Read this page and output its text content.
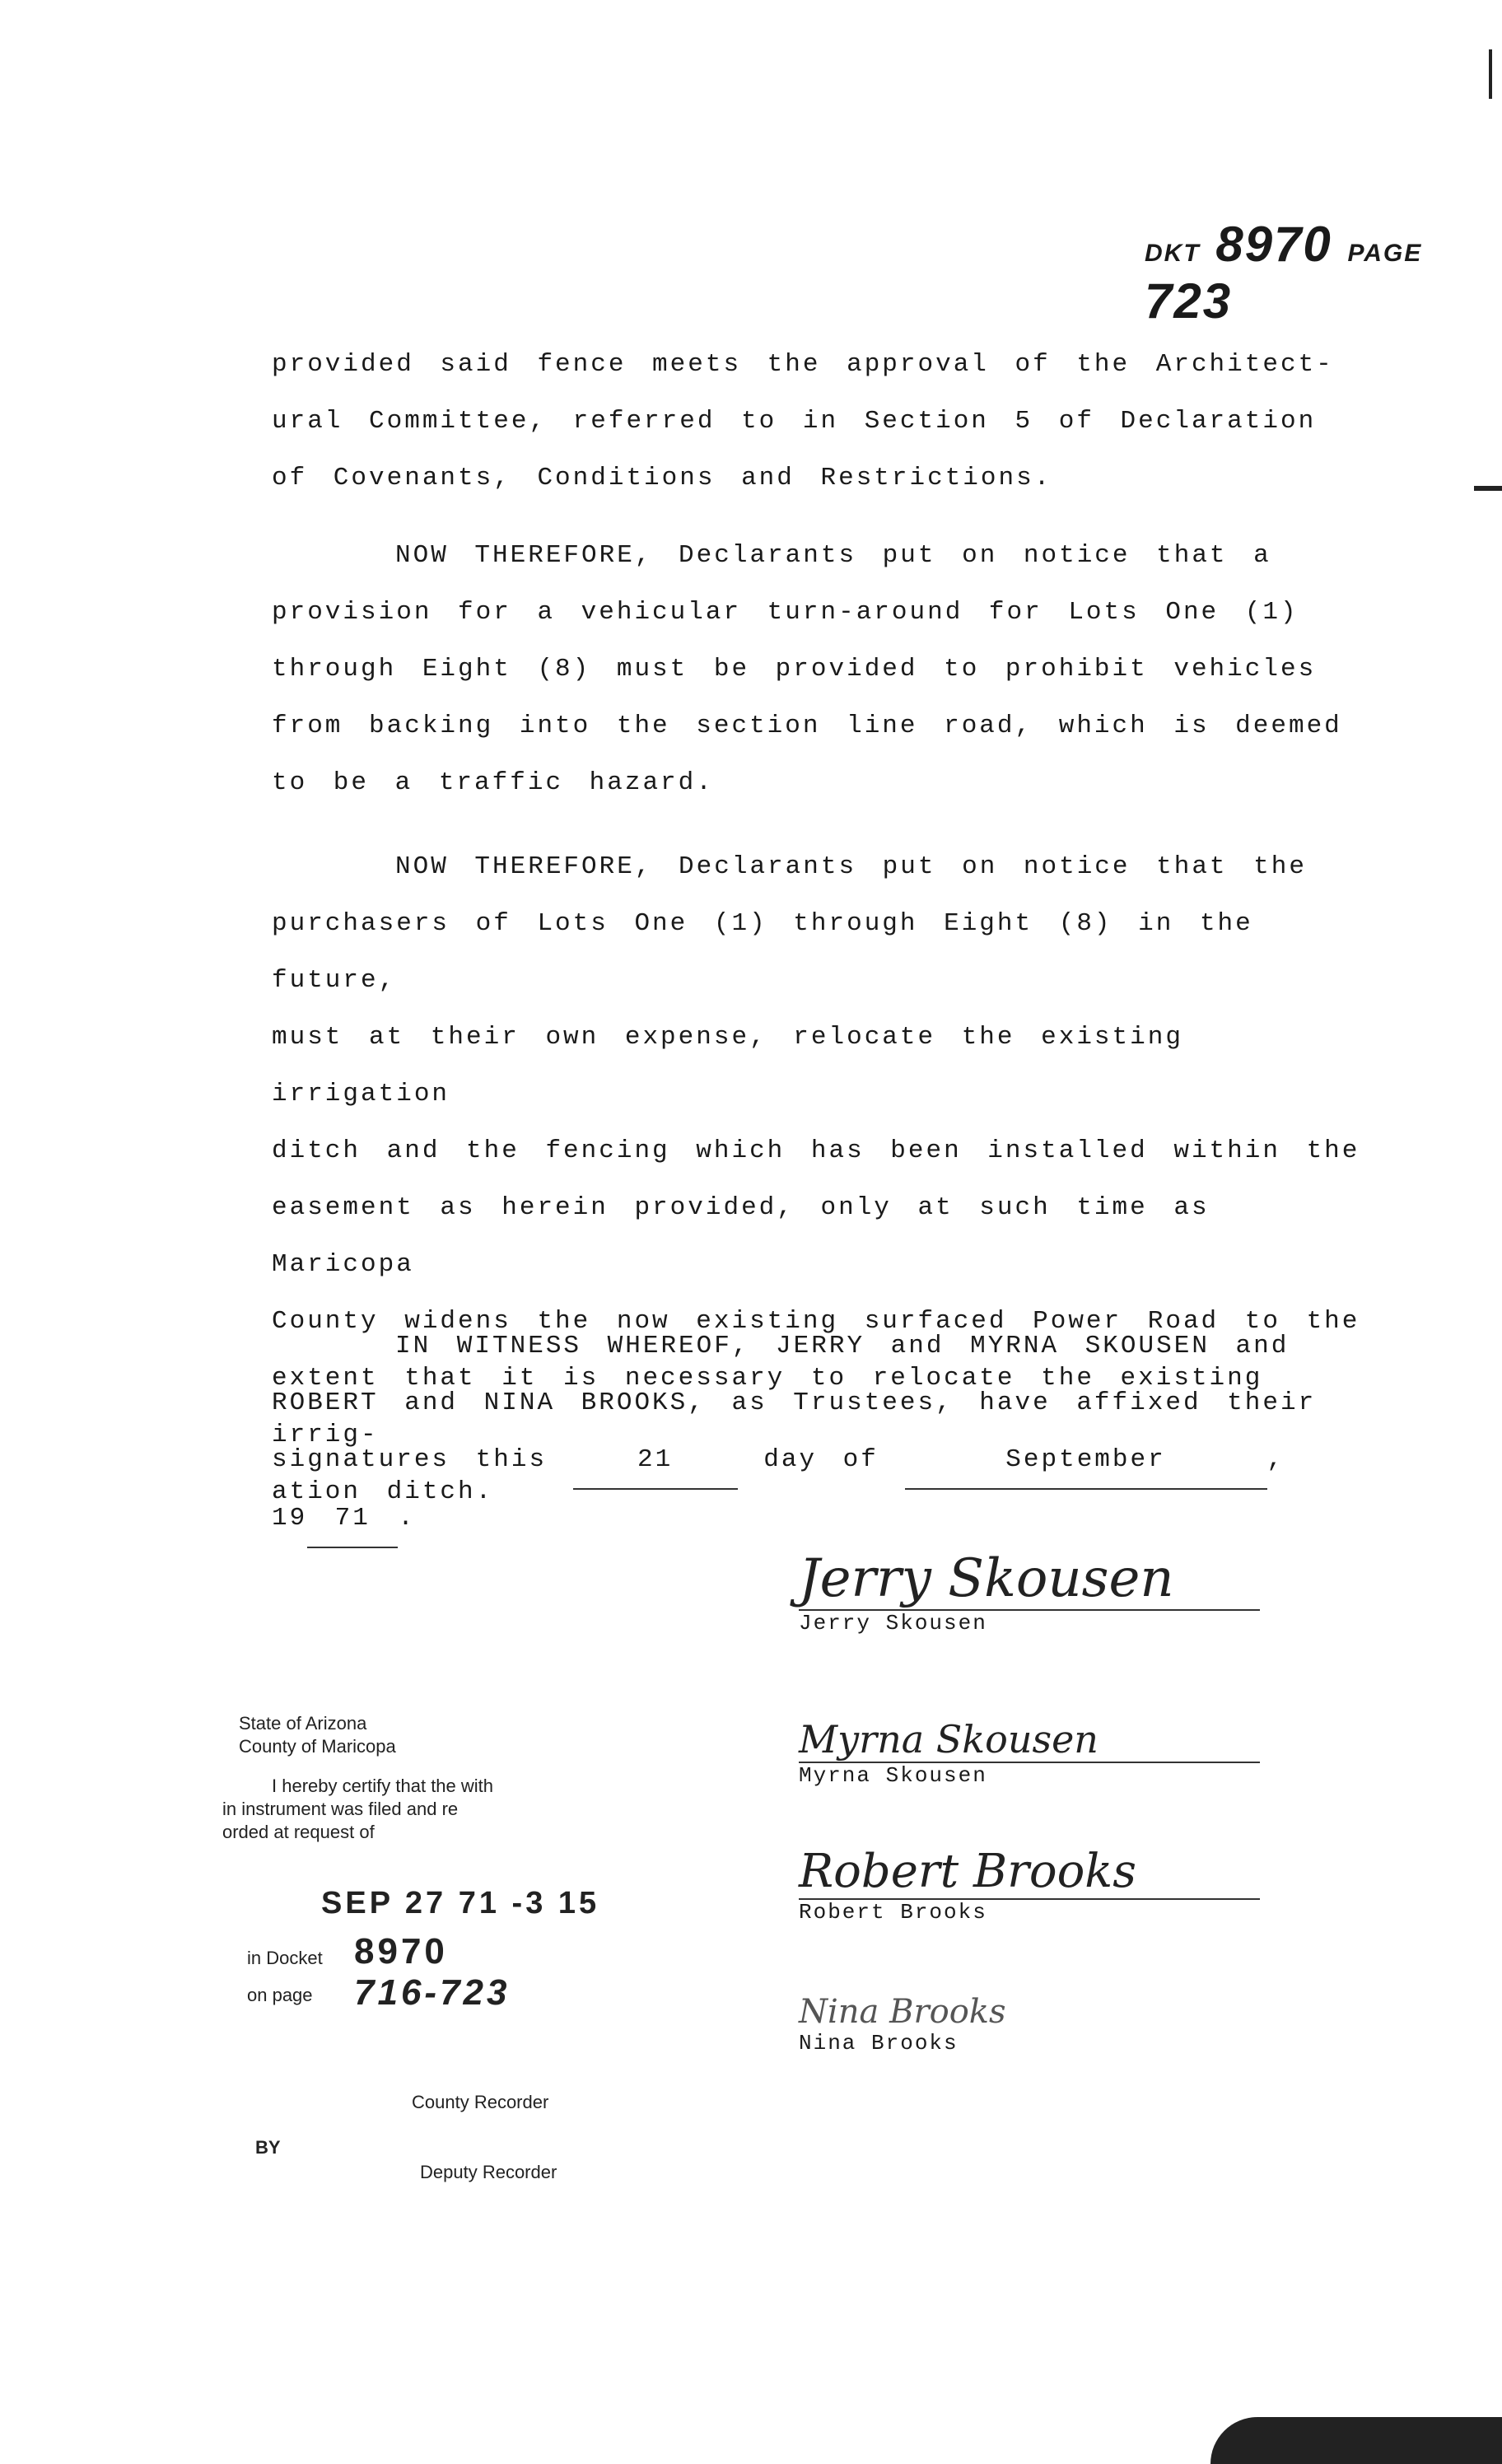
DKT 8970 PAGE 723

provided said fence meets the approval of the Architect-

ural Committee, referred to in Section 5 of Declaration

of Covenants, Conditions and Restrictions.

NOW THEREFORE, Declarants put on notice that a

provision for a vehicular turn-around for Lots One (1)

through Eight (8) must be provided to prohibit vehicles

from backing into the section line road, which is deemed

to be a traffic hazard.

NOW THEREFORE, Declarants put on notice that the

purchasers of Lots One (1) through Eight (8) in the future,

must at their own expense, relocate the existing irrigation

ditch and the fencing which has been installed within the

easement as herein provided, only at such time as Maricopa

County widens the now existing surfaced Power Road to the

extent that it is necessary to relocate the existing irrig-

ation ditch.

IN WITNESS WHEREOF, JERRY and MYRNA SKOUSEN and

ROBERT and NINA BROOKS, as Trustees, have affixed their

signatures this	21	day of	September	,

19 71 .

Jerry Skousen
Jerry Skousen
Myrna Skousen
Myrna Skousen
Robert Brooks
Robert Brooks
Nina Brooks
Nina Brooks
State of Arizona
County of Maricopa
I hereby certify that the with
in instrument was filed and re
orded at request of
SEP 27 71 -3 15
in Docket 8970
on page 716-723
County Recorder
BY
Deputy Recorder
